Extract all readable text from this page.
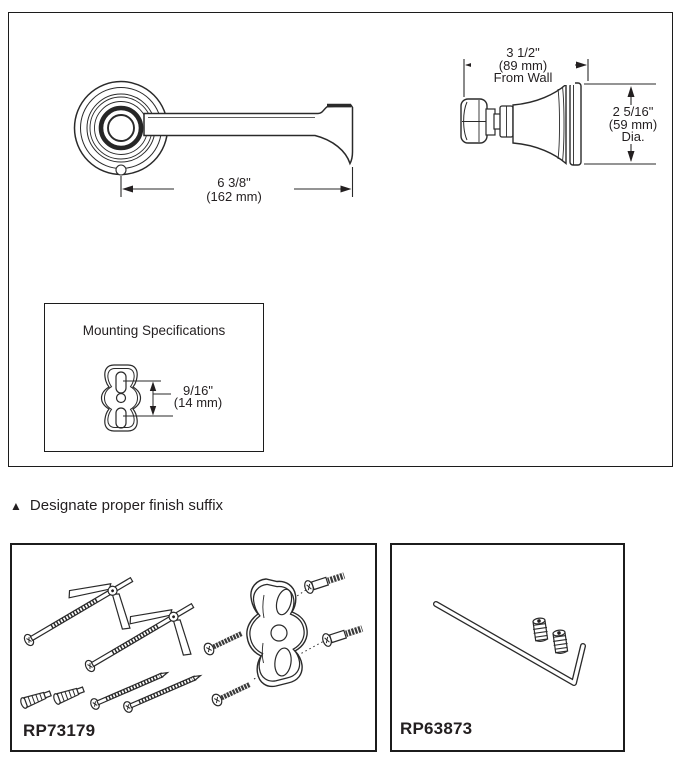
6 3/8"
(162 mm)
3 1/2"
(89 mm)
From Wall
2 5/16"
(59 mm)
Dia.
Mounting Specifications
9/16"
(14 mm)
▲ Designate proper finish suffix
RP73179	RP63873
